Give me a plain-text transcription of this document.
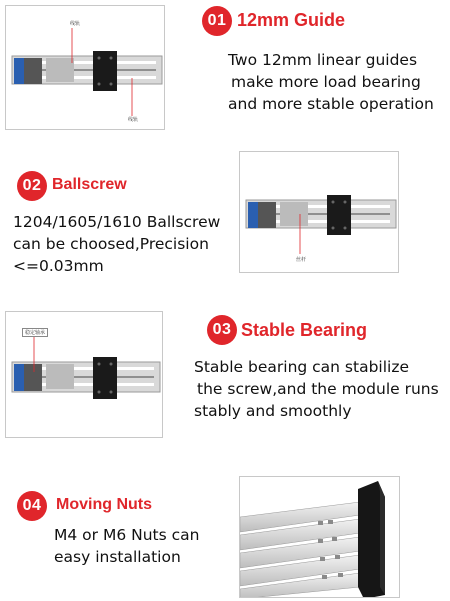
线轨
线轨
01 12mm Guide
Two 12mm linear guides
make more load bearing
and more stable operation
02 Ballscrew
1204/1605/1610 Ballscrew
can be choosed,Precision
<=0.03mm	丝杆
稳定轴承	03 Stable Bearing
Stable bearing can stabilize
the screw,and the module runs
stably and smoothly
04 Moving Nuts
M4 or M6 Nuts can
easy installation
